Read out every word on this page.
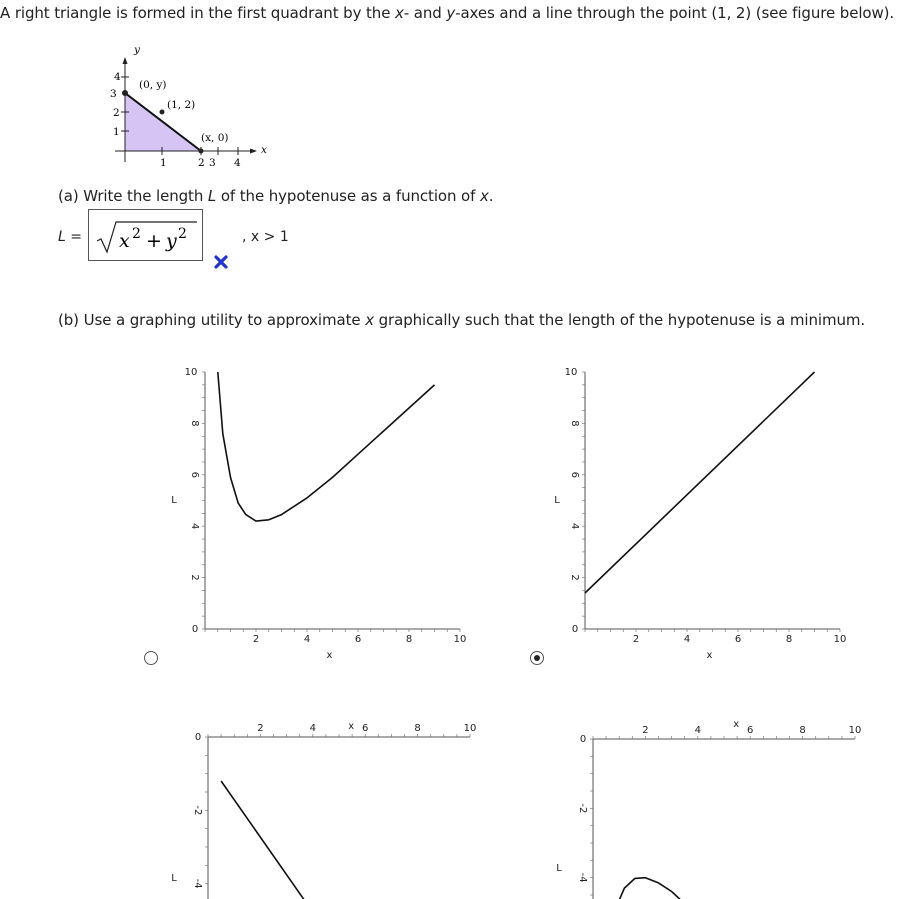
A right triangle is formed in the first quadrant by the x- and y-axes and a line through the point (1, 2) (see figure below).
y
x
1	2 3 4
1
2
3
4
(0, y)
(1, 2)
(x, 0)
(a) Write the length L of the hypotenuse as a function of x.
L = x 2 + y 2	, x > 1
(b) Use a graphing utility to approximate x graphically such that the length of the hypotenuse is a minimum.
2	4	6	8	10
0
2
4
6
8
10
x
L
2	4	6	8	10
0
2
4
6
8
10
x
L
2	4	6	8	10
0
-2
-4
x
L
2	4	6	8	10
0
-2
-4
x
L
